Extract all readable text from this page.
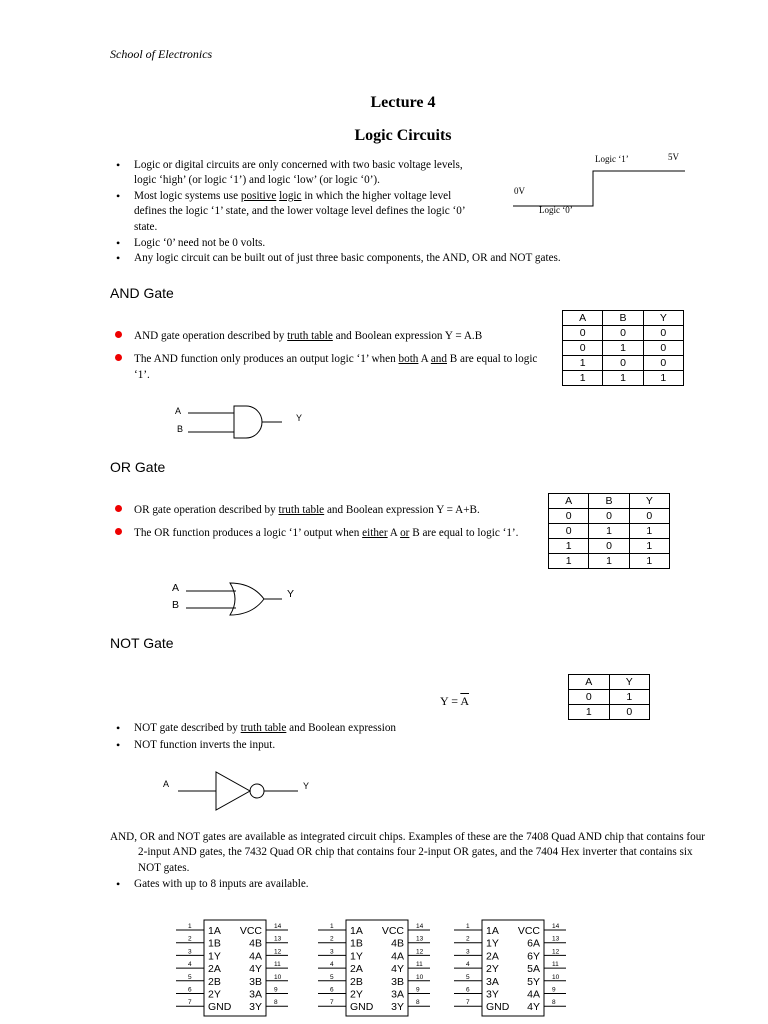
School of Electronics
Lecture 4
Logic Circuits
• Logic or digital circuits are only concerned with two basic voltage levels, logic ‘high’ (or logic ‘1’) and logic ‘low’ (or logic ‘0’).
• Most logic systems use positive logic in which the higher voltage level defines the logic ‘1’ state, and the lower voltage level defines the logic ‘0’ state.
• Logic ‘0’ need not be 0 volts.
• Any logic circuit can be built out of just three basic components, the AND, OR and NOT gates.
Logic ‘1’	5V
0V
Logic ‘0’
AND Gate
AND gate operation described by truth table and Boolean expression Y = A.B
The AND function only produces an output logic ‘1’ when both A and B are equal to logic ‘1’.
A	B	Y
0	0	0
0	1	0
1	0	0
1	1	1
A
B
Y
OR Gate
OR gate operation described by truth table and Boolean expression Y = A+B.
The OR function produces a logic ‘1’ output when either A or B are equal to logic ‘1’.
A	B	Y
0	0	0
0	1	1
1	0	1
1	1	1
A
B
Y
NOT Gate
$Y = \overline{A}$
A	Y
0	1
1	0
• NOT gate described by truth table and Boolean expression
• NOT function inverts the input.
A	Y
AND, OR and NOT gates are available as integrated circuit chips. Examples of these are the 7408 Quad AND chip that contains four 2-input AND gates, the 7432 Quad OR chip that contains four 2-input OR gates, and the 7404 Hex inverter that contains six NOT gates.
• Gates with up to 8 inputs are available.
1	14
1A VCC
2	13
1B	4B
3	12
1Y	4A
4	11
2A	4Y
5	10
2B	3B
6	9
2Y	3A
7	8
GND 3Y
1	14
1A VCC
2	13
1B	4B
3	12
1Y	4A
4	11
2A	4Y
5	10
2B	3B
6	9
2Y	3A
7	8
GND 3Y
1	14
1A VCC
2	13
1Y	6A
3	12
2A	6Y
4	11
2Y	5A
5	10
3A	5Y
6	9
3Y	4A
7	8
GND 4Y
